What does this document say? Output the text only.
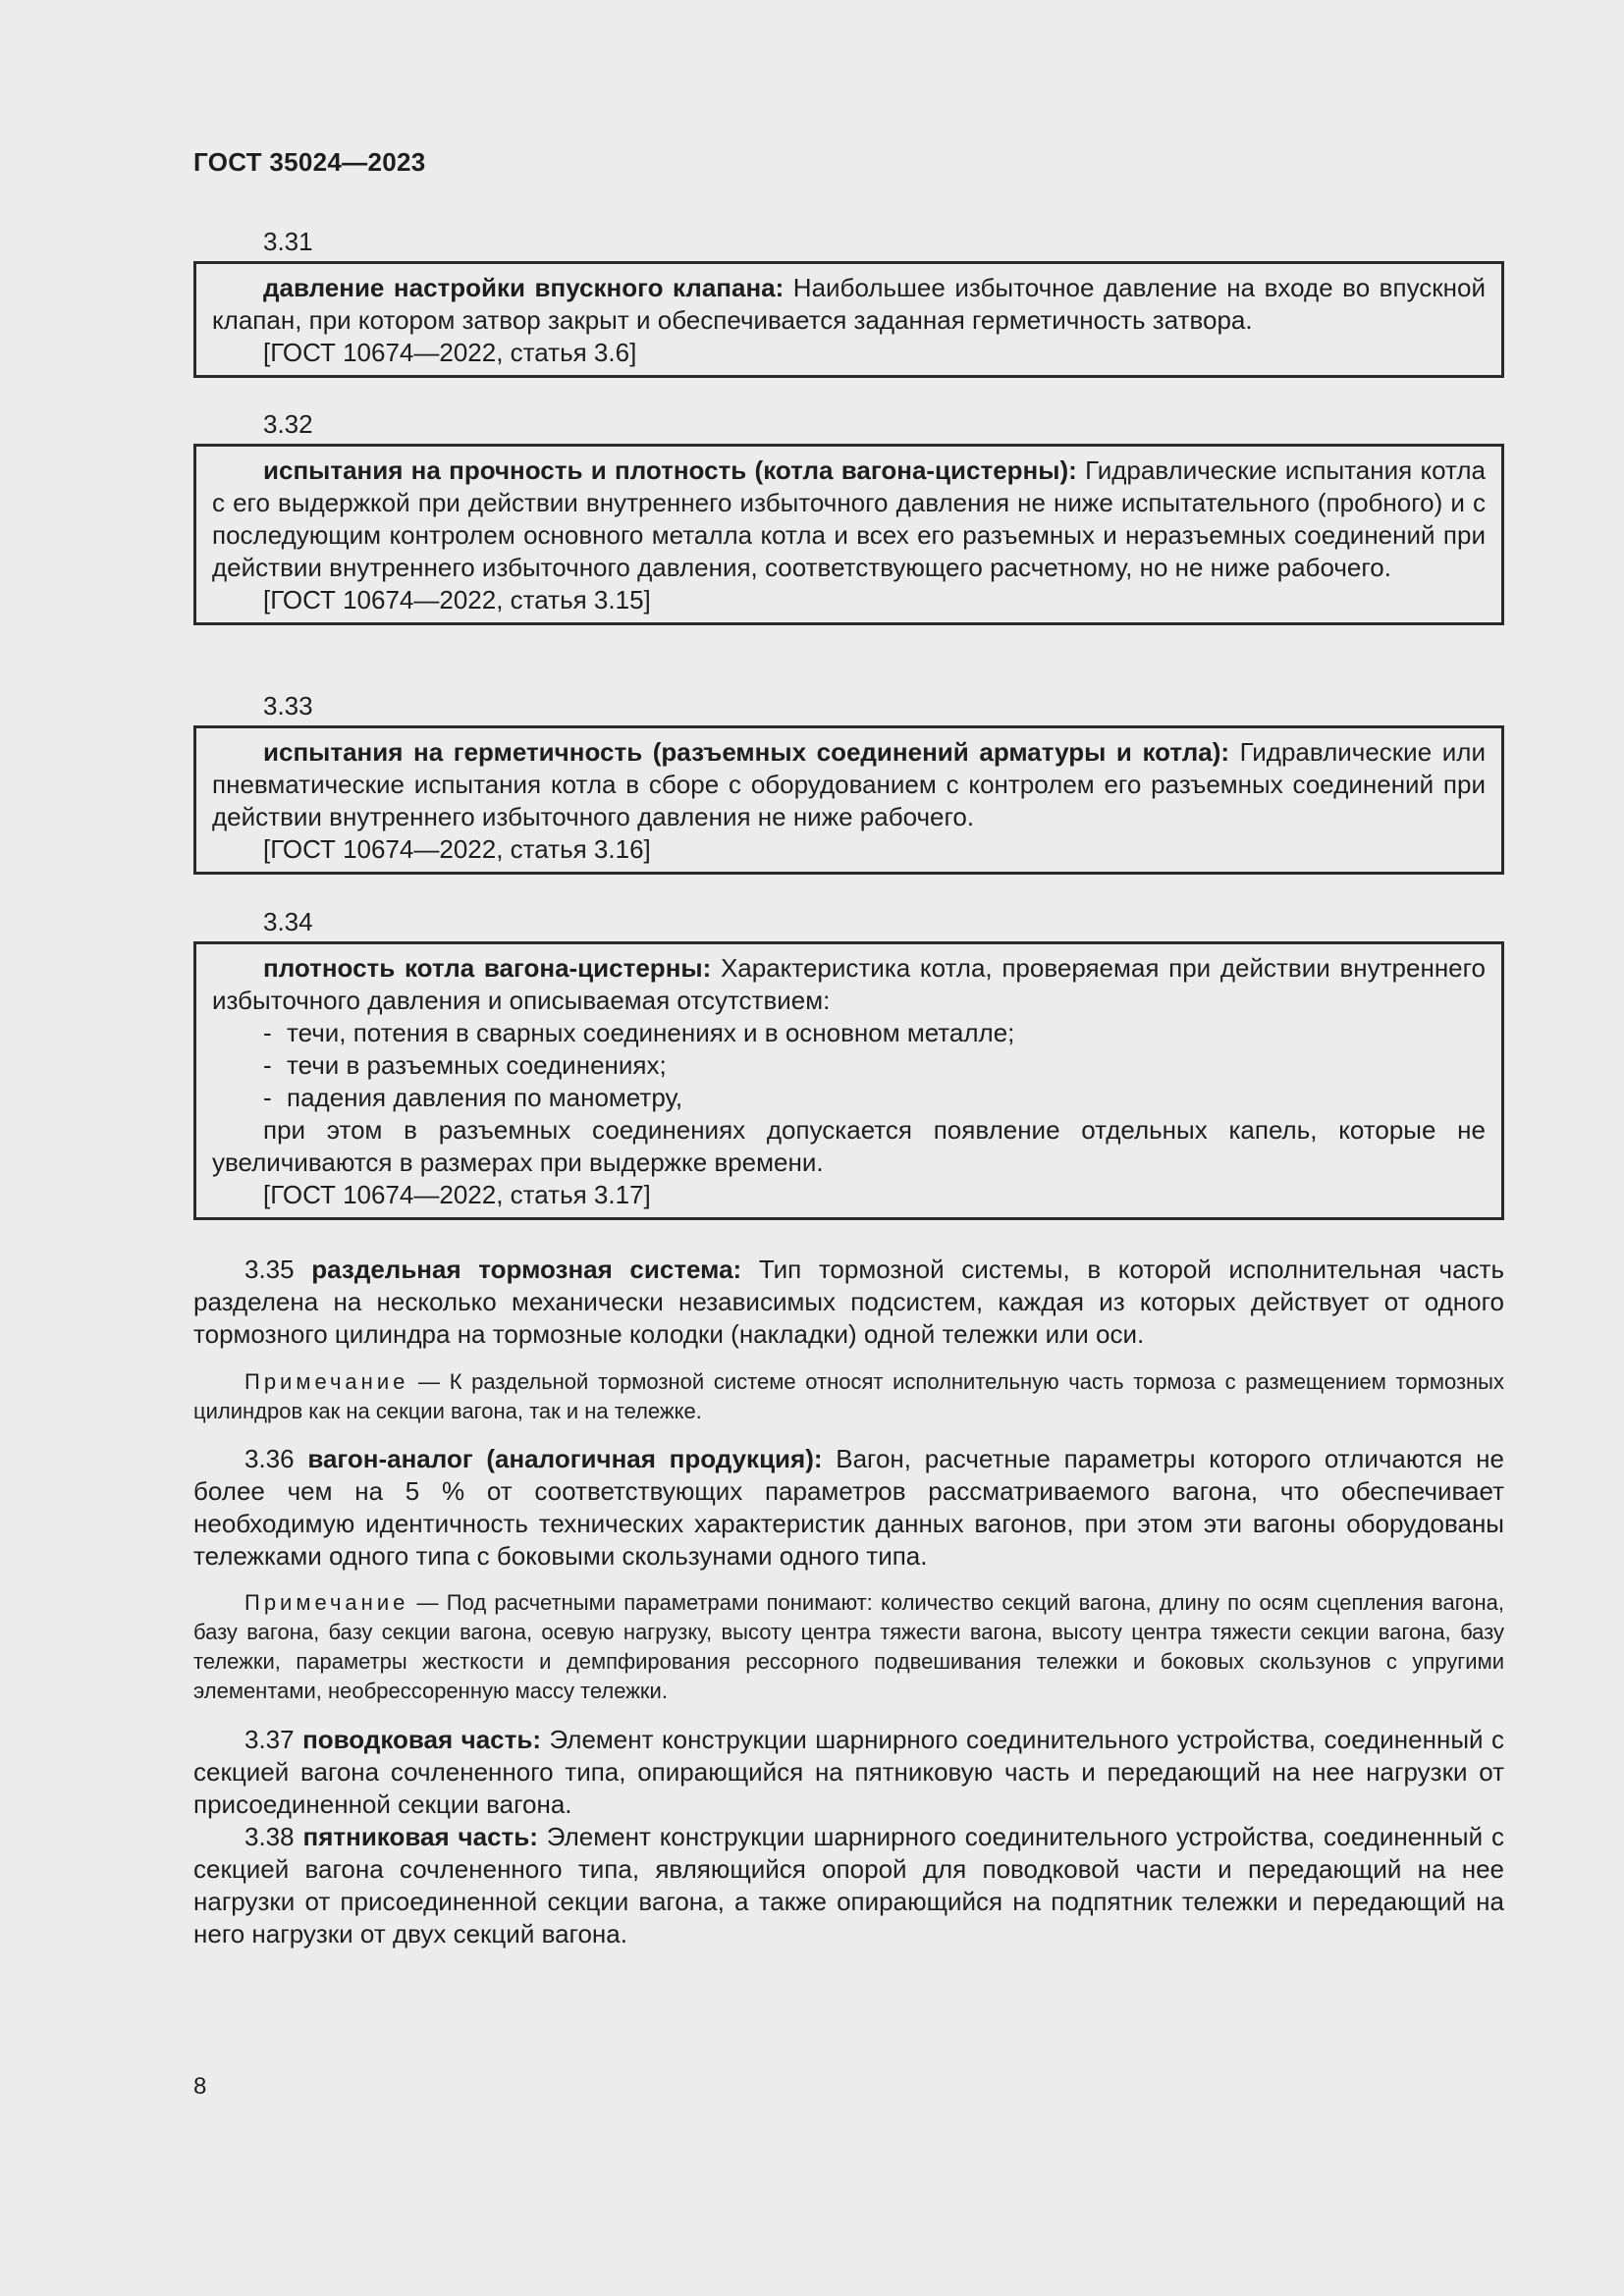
ГОСТ 35024—2023
3.31

давление настройки впускного клапана: Наибольшее избыточное давление на входе во впускной клапан, при котором затвор закрыт и обеспечивается заданная герметичность затвора.

[ГОСТ 10674—2022, статья 3.6]

3.32

испытания на прочность и плотность (котла вагона-цистерны): Гидравлические испытания котла с его выдержкой при действии внутреннего избыточного давления не ниже испытательного (пробного) и с последующим контролем основного металла котла и всех его разъемных и неразъемных соединений при действии внутреннего избыточного давления, соответствующего расчетному, но не ниже рабочего.

[ГОСТ 10674—2022, статья 3.15]

3.33

испытания на герметичность (разъемных соединений арматуры и котла): Гидравлические или пневматические испытания котла в сборе с оборудованием с контролем его разъемных соединений при действии внутреннего избыточного давления не ниже рабочего.

[ГОСТ 10674—2022, статья 3.16]

3.34

плотность котла вагона-цистерны: Характеристика котла, проверяемая при действии внутреннего избыточного давления и описываемая отсутствием:

- течи, потения в сварных соединениях и в основном металле;

- течи в разъемных соединениях;

- падения давления по манометру,

при этом в разъемных соединениях допускается появление отдельных капель, которые не увеличиваются в размерах при выдержке времени.

[ГОСТ 10674—2022, статья 3.17]

3.35 раздельная тормозная система: Тип тормозной системы, в которой исполнительная часть разделена на несколько механически независимых подсистем, каждая из которых действует от одного тормозного цилиндра на тормозные колодки (накладки) одной тележки или оси.

Примечание — К раздельной тормозной системе относят исполнительную часть тормоза с размещением тормозных цилиндров как на секции вагона, так и на тележке.

3.36 вагон-аналог (аналогичная продукция): Вагон, расчетные параметры которого отличаются не более чем на 5 % от соответствующих параметров рассматриваемого вагона, что обеспечивает необходимую идентичность технических характеристик данных вагонов, при этом эти вагоны оборудованы тележками одного типа с боковыми скользунами одного типа.

Примечание — Под расчетными параметрами понимают: количество секций вагона, длину по осям сцепления вагона, базу вагона, базу секции вагона, осевую нагрузку, высоту центра тяжести вагона, высоту центра тяжести секции вагона, базу тележки, параметры жесткости и демпфирования рессорного подвешивания тележки и боковых скользунов с упругими элементами, необрессоренную массу тележки.

3.37 поводковая часть: Элемент конструкции шарнирного соединительного устройства, соединенный с секцией вагона сочлененного типа, опирающийся на пятниковую часть и передающий на нее нагрузки от присоединенной секции вагона.

3.38 пятниковая часть: Элемент конструкции шарнирного соединительного устройства, соединенный с секцией вагона сочлененного типа, являющийся опорой для поводковой части и передающий на нее нагрузки от присоединенной секции вагона, а также опирающийся на подпятник тележки и передающий на него нагрузки от двух секций вагона.

8
